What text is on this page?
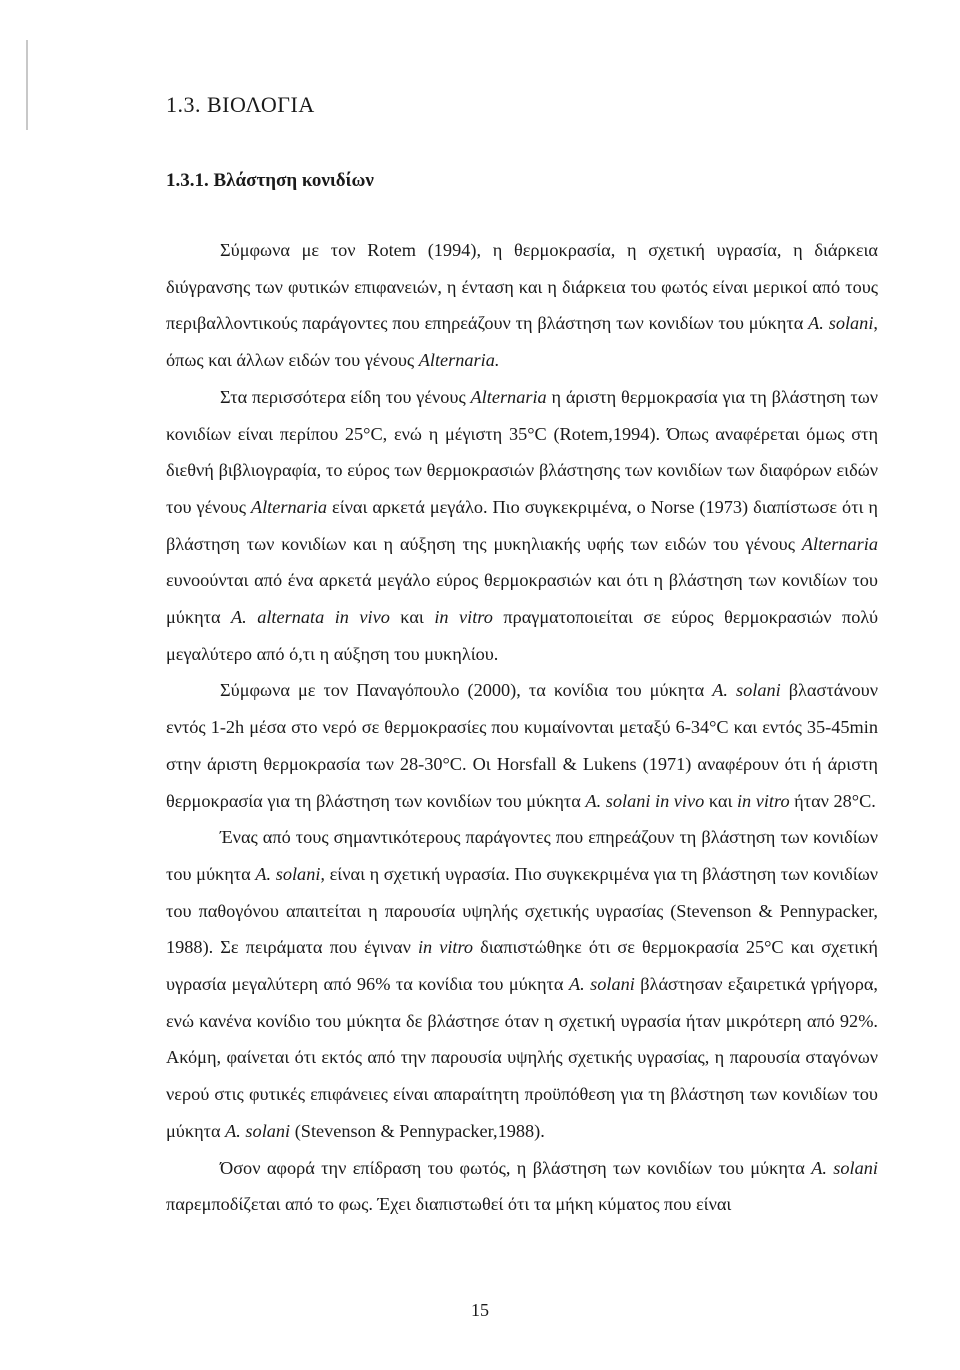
1.3. ΒΙΟΛΟΓΙΑ
1.3.1. Βλάστηση κονιδίων

Σύμφωνα με τον Rotem (1994), η θερμοκρασία, η σχετική υγρασία, η διάρκεια διύγρανσης των φυτικών επιφανειών, η ένταση και η διάρκεια του φωτός είναι μερικοί από τους περιβαλλοντικούς παράγοντες που επηρεάζουν τη βλάστηση των κονιδίων του μύκητα A. solani, όπως και άλλων ειδών του γένους Alternaria.

Στα περισσότερα είδη του γένους Alternaria η άριστη θερμοκρασία για τη βλάστηση των κονιδίων είναι περίπου 25°C, ενώ η μέγιστη 35°C (Rotem,1994). Όπως αναφέρεται όμως στη διεθνή βιβλιογραφία, το εύρος των θερμοκρασιών βλάστησης των κονιδίων των διαφόρων ειδών του γένους Alternaria είναι αρκετά μεγάλο. Πιο συγκεκριμένα, ο Norse (1973) διαπίστωσε ότι η βλάστηση των κονιδίων και η αύξηση της μυκηλιακής υφής των ειδών του γένους Alternaria ευνοούνται από ένα αρκετά μεγάλο εύρος θερμοκρασιών και ότι η βλάστηση των κονιδίων του μύκητα A. alternata in vivo και in vitro πραγματοποιείται σε εύρος θερμοκρασιών πολύ μεγαλύτερο από ό,τι η αύξηση του μυκηλίου.

Σύμφωνα με τον Παναγόπουλο (2000), τα κονίδια του μύκητα A. solani βλαστάνουν εντός 1-2h μέσα στο νερό σε θερμοκρασίες που κυμαίνονται μεταξύ 6-34°C και εντός 35-45min στην άριστη θερμοκρασία των 28-30°C. Οι Horsfall & Lukens (1971) αναφέρουν ότι ή άριστη θερμοκρασία για τη βλάστηση των κονιδίων του μύκητα A. solani in vivo και in vitro ήταν 28°C.

Ένας από τους σημαντικότερους παράγοντες που επηρεάζουν τη βλάστηση των κονιδίων του μύκητα A. solani, είναι η σχετική υγρασία. Πιο συγκεκριμένα για τη βλάστηση των κονιδίων του παθογόνου απαιτείται η παρουσία υψηλής σχετικής υγρασίας (Stevenson & Pennypacker, 1988). Σε πειράματα που έγιναν in vitro διαπιστώθηκε ότι σε θερμοκρασία 25°C και σχετική υγρασία μεγαλύτερη από 96% τα κονίδια του μύκητα A. solani βλάστησαν εξαιρετικά γρήγορα, ενώ κανένα κονίδιο του μύκητα δε βλάστησε όταν η σχετική υγρασία ήταν μικρότερη από 92%. Ακόμη, φαίνεται ότι εκτός από την παρουσία υψηλής σχετικής υγρασίας, η παρουσία σταγόνων νερού στις φυτικές επιφάνειες είναι απαραίτητη προϋπόθεση για τη βλάστηση των κονιδίων του μύκητα A. solani (Stevenson & Pennypacker,1988).

Όσον αφορά την επίδραση του φωτός, η βλάστηση των κονιδίων του μύκητα A. solani παρεμποδίζεται από το φως. Έχει διαπιστωθεί ότι τα μήκη κύματος που είναι

15
